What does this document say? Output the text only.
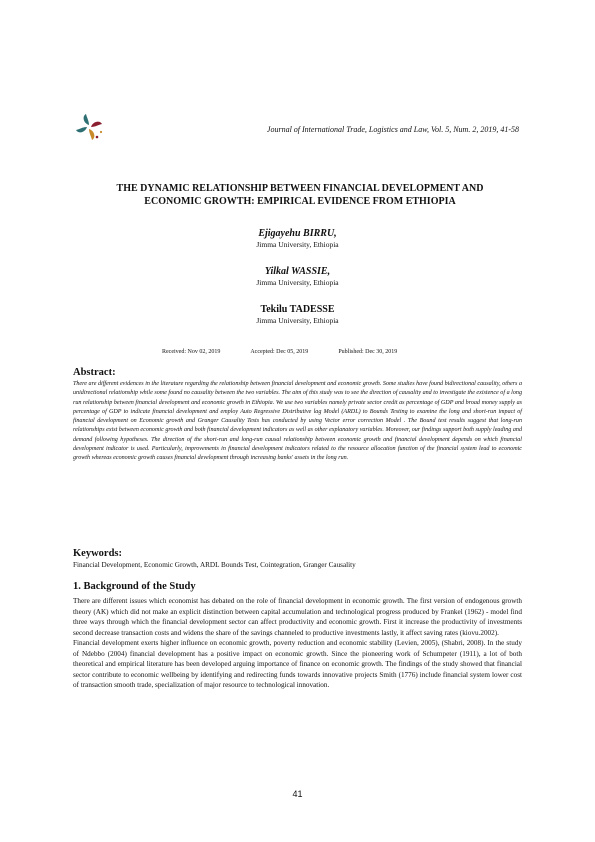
Journal of International Trade, Logistics and Law, Vol. 5, Num. 2, 2019, 41-58
THE DYNAMIC RELATIONSHIP BETWEEN FINANCIAL DEVELOPMENT AND
ECONOMIC GROWTH: EMPIRICAL EVIDENCE FROM ETHIOPIA
Ejigayehu BIRRU,
Jimma University, Ethiopia
Yilkal WASSIE,
Jimma University, Ethiopia
Tekilu TADESSE
Jimma University, Ethiopia
Received: Nov 02, 2019	Accepted: Dec 05, 2019	Published: Dec 30, 2019
Abstract:

There are different evidences in the literature regarding the relationship between financial development and economic growth. Some studies have found bidirectional causality, others a unidirectional relationship while some found no causality between the two variables. The aim of this study was to see the direction of causality and to investigate the existence of a long run relationship between financial development and economic growth in Ethiopia. We use two variables namely private sector credit as percentage of GDP and broad money supply as percentage of GDP to indicate financial development and employ Auto Regressive Distributive lag Model (ARDL) to Bounds Testing to examine the long and short-run impact of financial development on Economic growth and Granger Causality Tests has conducted by using Vector error correction Model . The Bound test results suggest that long-run relationships exist between economic growth and both financial development indicators as well as other explanatory variables. Moreover, our findings support both supply leading and demand following hypotheses. The direction of the short-run and long-run causal relationship between economic growth and financial development depends on which financial development indicator is used. Particularly, improvements in financial development indicators related to the resource allocation function of the financial system lead to economic growth whereas economic growth causes financial development through increasing banks' assets in the long run.

Keywords:
Financial Development, Economic Growth, ARDL Bounds Test, Cointegration, Granger Causality
1. Background of the Study

There are different issues which economist has debated on the role of financial development in economic growth. The first version of endogenous growth theory (AK) which did not make an explicit distinction between capital accumulation and technological progress produced by Frankel (1962) - model find three ways through which the financial development sector can affect productivity and economic growth. First it increase the productivity of investments second decrease transaction costs and widens the share of the savings channeled to productive investments lastly, it affect saving rates (kiovu.2002).

Financial development exerts higher influence on economic growth, poverty reduction and economic stability (Levien, 2005), (Shabri, 2008). In the study of Ndebbo (2004) financial development has a positive impact on economic growth. Since the pioneering work of Schumpeter (1911), a lot of both theoretical and empirical literature has been developed arguing importance of finance on economic growth. The findings of the study showed that financial sector contribute to economic wellbeing by identifying and redirecting funds towards innovative projects Smith (1776) include financial system lower cost of transaction smooth trade, specialization of major resource to technological innovation.

41
